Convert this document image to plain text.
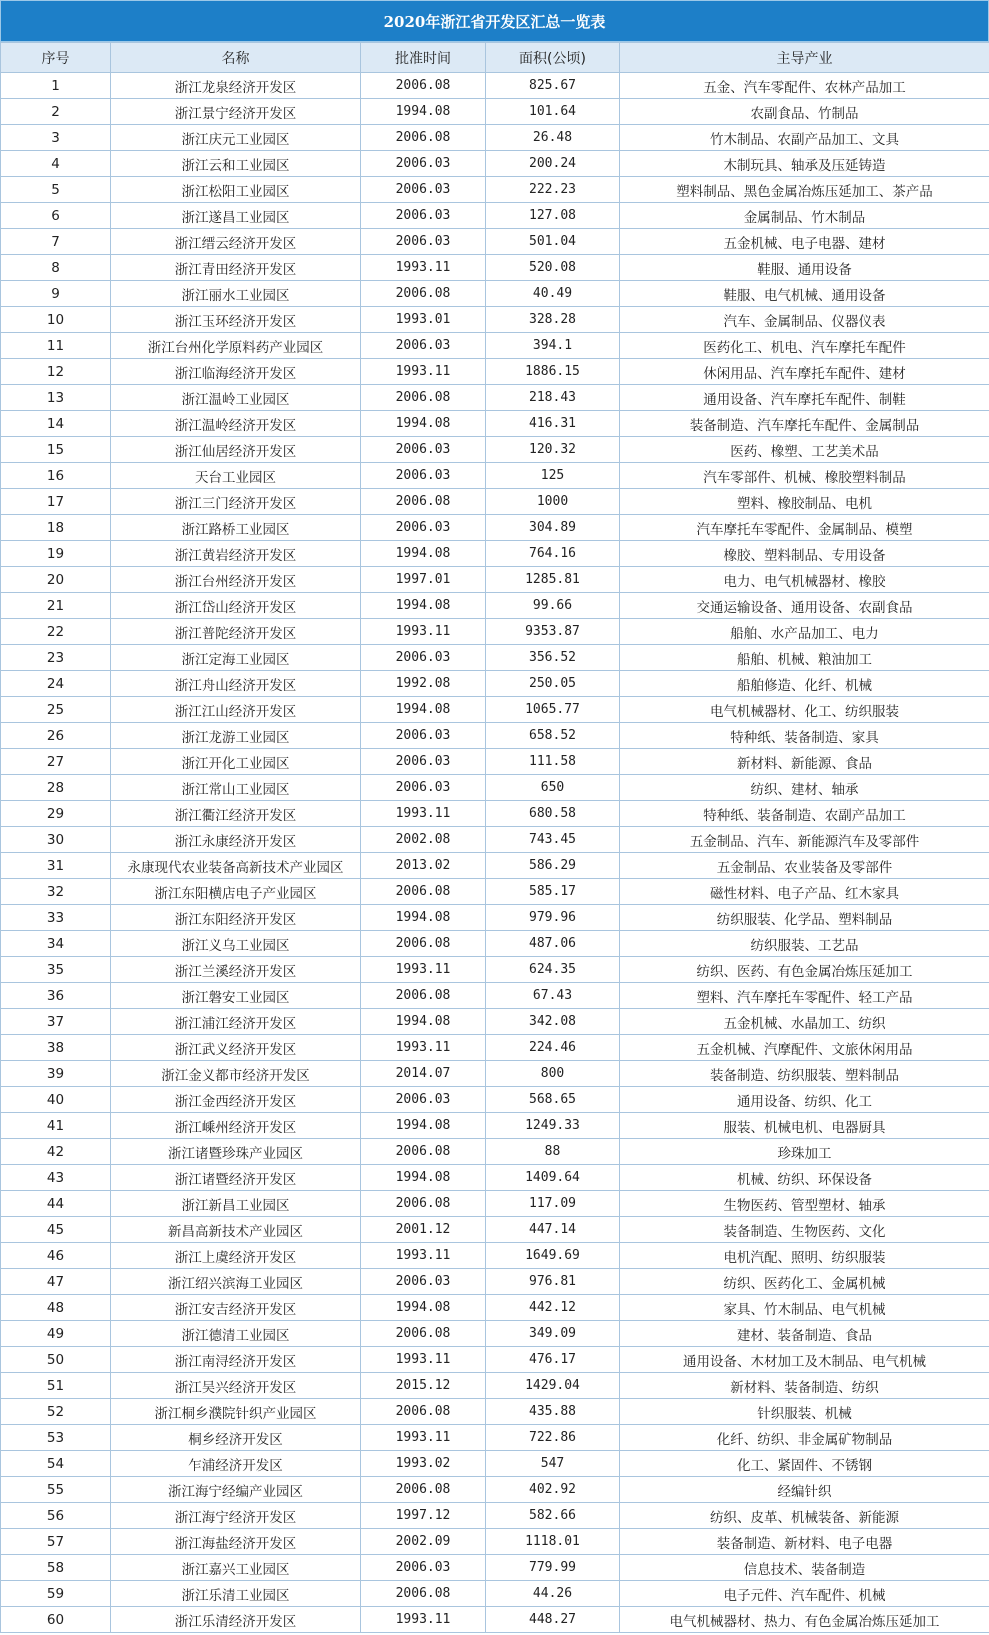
2020年浙江省开发区汇总一览表
序号	名称	批准时间	面积(公顷)	主导产业
1	浙江龙泉经济开发区	2006.08	825.67	五金、汽车零配件、农林产品加工
2	浙江景宁经济开发区	1994.08	101.64	农副食品、竹制品
3	浙江庆元工业园区	2006.08	26.48	竹木制品、农副产品加工、文具
4	浙江云和工业园区	2006.03	200.24	木制玩具、轴承及压延铸造
5	浙江松阳工业园区	2006.03	222.23	塑料制品、黑色金属冶炼压延加工、茶产品
6	浙江遂昌工业园区	2006.03	127.08	金属制品、竹木制品
7	浙江缙云经济开发区	2006.03	501.04	五金机械、电子电器、建材
8	浙江青田经济开发区	1993.11	520.08	鞋服、通用设备
9	浙江丽水工业园区	2006.08	40.49	鞋服、电气机械、通用设备
10	浙江玉环经济开发区	1993.01	328.28	汽车、金属制品、仪器仪表
11	浙江台州化学原料药产业园区	2006.03	394.1	医药化工、机电、汽车摩托车配件
12	浙江临海经济开发区	1993.11	1886.15	休闲用品、汽车摩托车配件、建材
13	浙江温岭工业园区	2006.08	218.43	通用设备、汽车摩托车配件、制鞋
14	浙江温岭经济开发区	1994.08	416.31	装备制造、汽车摩托车配件、金属制品
15	浙江仙居经济开发区	2006.03	120.32	医药、橡塑、工艺美术品
16	天台工业园区	2006.03	125	汽车零部件、机械、橡胶塑料制品
17	浙江三门经济开发区	2006.08	1000	塑料、橡胶制品、电机
18	浙江路桥工业园区	2006.03	304.89	汽车摩托车零配件、金属制品、模塑
19	浙江黄岩经济开发区	1994.08	764.16	橡胶、塑料制品、专用设备
20	浙江台州经济开发区	1997.01	1285.81	电力、电气机械器材、橡胶
21	浙江岱山经济开发区	1994.08	99.66	交通运输设备、通用设备、农副食品
22	浙江普陀经济开发区	1993.11	9353.87	船舶、水产品加工、电力
23	浙江定海工业园区	2006.03	356.52	船舶、机械、粮油加工
24	浙江舟山经济开发区	1992.08	250.05	船舶修造、化纤、机械
25	浙江江山经济开发区	1994.08	1065.77	电气机械器材、化工、纺织服装
26	浙江龙游工业园区	2006.03	658.52	特种纸、装备制造、家具
27	浙江开化工业园区	2006.03	111.58	新材料、新能源、食品
28	浙江常山工业园区	2006.03	650	纺织、建材、轴承
29	浙江衢江经济开发区	1993.11	680.58	特种纸、装备制造、农副产品加工
30	浙江永康经济开发区	2002.08	743.45	五金制品、汽车、新能源汽车及零部件
31	永康现代农业装备高新技术产业园区	2013.02	586.29	五金制品、农业装备及零部件
32	浙江东阳横店电子产业园区	2006.08	585.17	磁性材料、电子产品、红木家具
33	浙江东阳经济开发区	1994.08	979.96	纺织服装、化学品、塑料制品
34	浙江义乌工业园区	2006.08	487.06	纺织服装、工艺品
35	浙江兰溪经济开发区	1993.11	624.35	纺织、医药、有色金属冶炼压延加工
36	浙江磐安工业园区	2006.08	67.43	塑料、汽车摩托车零配件、轻工产品
37	浙江浦江经济开发区	1994.08	342.08	五金机械、水晶加工、纺织
38	浙江武义经济开发区	1993.11	224.46	五金机械、汽摩配件、文旅休闲用品
39	浙江金义都市经济开发区	2014.07	800	装备制造、纺织服装、塑料制品
40	浙江金西经济开发区	2006.03	568.65	通用设备、纺织、化工
41	浙江嵊州经济开发区	1994.08	1249.33	服装、机械电机、电器厨具
42	浙江诸暨珍珠产业园区	2006.08	88	珍珠加工
43	浙江诸暨经济开发区	1994.08	1409.64	机械、纺织、环保设备
44	浙江新昌工业园区	2006.08	117.09	生物医药、管型塑材、轴承
45	新昌高新技术产业园区	2001.12	447.14	装备制造、生物医药、文化
46	浙江上虞经济开发区	1993.11	1649.69	电机汽配、照明、纺织服装
47	浙江绍兴滨海工业园区	2006.03	976.81	纺织、医药化工、金属机械
48	浙江安吉经济开发区	1994.08	442.12	家具、竹木制品、电气机械
49	浙江德清工业园区	2006.08	349.09	建材、装备制造、食品
50	浙江南浔经济开发区	1993.11	476.17	通用设备、木材加工及木制品、电气机械
51	浙江吴兴经济开发区	2015.12	1429.04	新材料、装备制造、纺织
52	浙江桐乡濮院针织产业园区	2006.08	435.88	针织服装、机械
53	桐乡经济开发区	1993.11	722.86	化纤、纺织、非金属矿物制品
54	乍浦经济开发区	1993.02	547	化工、紧固件、不锈钢
55	浙江海宁经编产业园区	2006.08	402.92	经编针织
56	浙江海宁经济开发区	1997.12	582.66	纺织、皮革、机械装备、新能源
57	浙江海盐经济开发区	2002.09	1118.01	装备制造、新材料、电子电器
58	浙江嘉兴工业园区	2006.03	779.99	信息技术、装备制造
59	浙江乐清工业园区	2006.08	44.26	电子元件、汽车配件、机械
60	浙江乐清经济开发区	1993.11	448.27	电气机械器材、热力、有色金属冶炼压延加工
